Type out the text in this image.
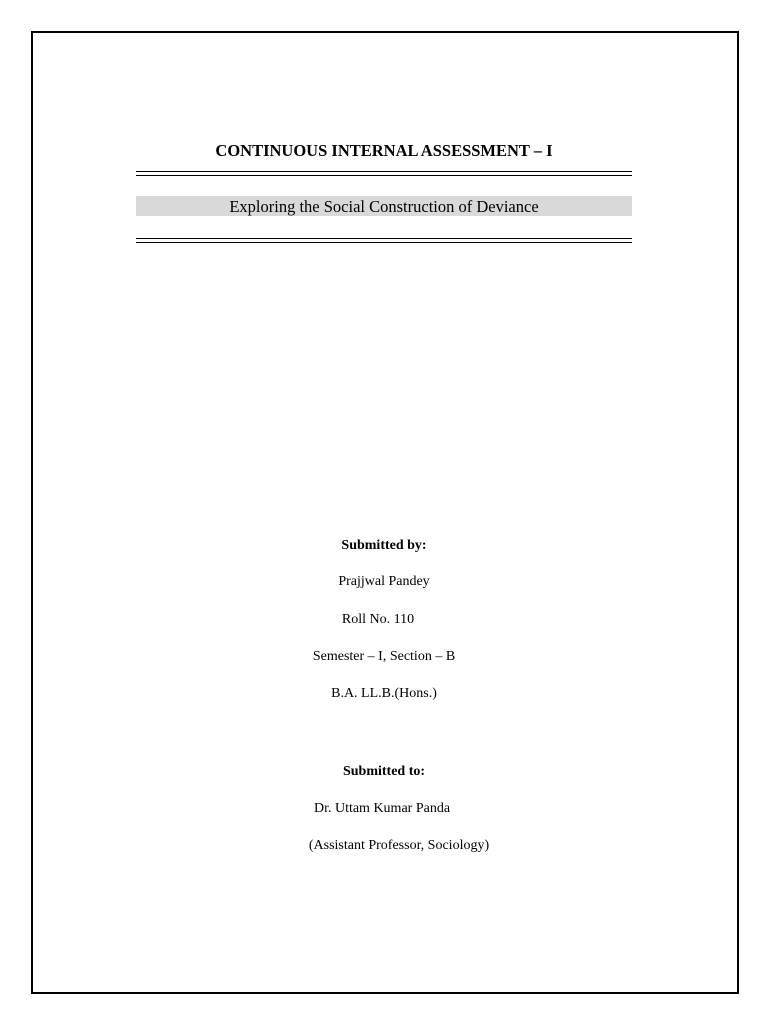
CONTINUOUS INTERNAL ASSESSMENT – I
Exploring the Social Construction of Deviance
Submitted by:
Prajjwal Pandey
Roll No. 110
Semester – I, Section – B
B.A. LL.B.(Hons.)
Submitted to:
Dr. Uttam Kumar Panda
(Assistant Professor, Sociology)
